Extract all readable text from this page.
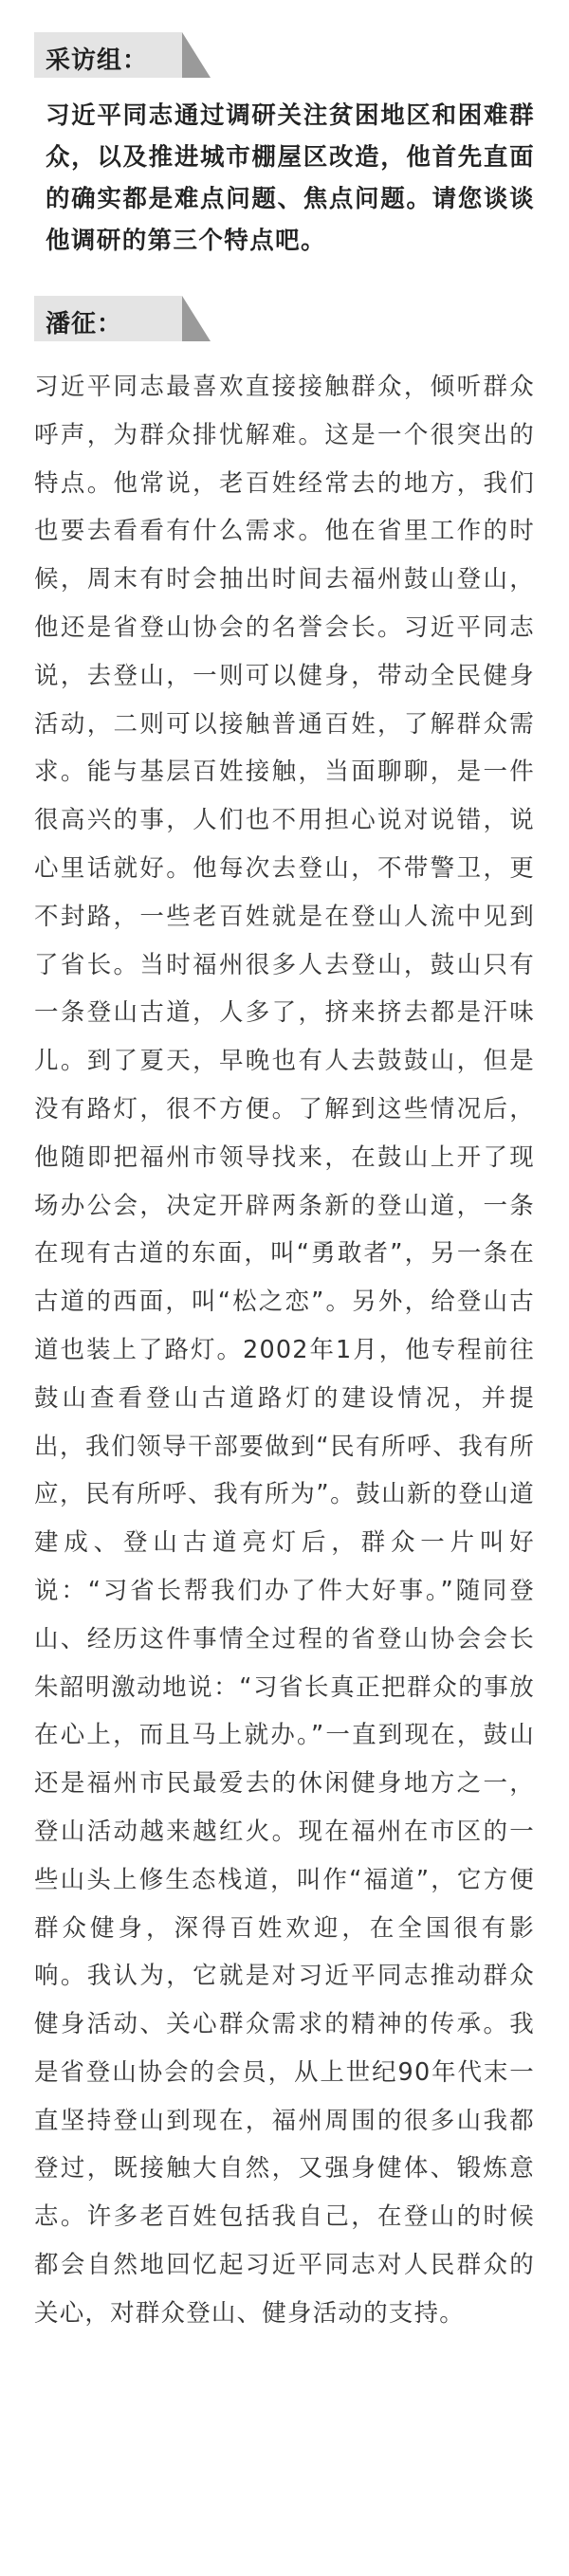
采访组：

习近平同志通过调研关注贫困地区和困难群众，以及推进城市棚屋区改造，他首先直面的确实都是难点问题、焦点问题。请您谈谈他调研的第三个特点吧。

潘征：

习近平同志最喜欢直接接触群众，倾听群众呼声，为群众排忧解难。这是一个很突出的特点。他常说，老百姓经常去的地方，我们也要去看看有什么需求。他在省里工作的时候，周末有时会抽出时间去福州鼓山登山，他还是省登山协会的名誉会长。习近平同志说，去登山，一则可以健身，带动全民健身活动，二则可以接触普通百姓，了解群众需求。能与基层百姓接触，当面聊聊，是一件很高兴的事，人们也不用担心说对说错，说心里话就好。他每次去登山，不带警卫，更不封路，一些老百姓就是在登山人流中见到了省长。当时福州很多人去登山，鼓山只有一条登山古道，人多了，挤来挤去都是汗味儿。到了夏天，早晚也有人去鼓鼓山，但是没有路灯，很不方便。了解到这些情况后，他随即把福州市领导找来，在鼓山上开了现场办公会，决定开辟两条新的登山道，一条在现有古道的东面，叫“勇敢者”，另一条在古道的西面，叫“松之恋”。另外，给登山古道也装上了路灯。2002年1月，他专程前往鼓山查看登山古道路灯的建设情况，并提出，我们领导干部要做到“民有所呼、我有所应，民有所呼、我有所为”。鼓山新的登山道建成、登山古道亮灯后，群众一片叫好说：“习省长帮我们办了件大好事。”随同登山、经历这件事情全过程的省登山协会会长朱韶明激动地说：“习省长真正把群众的事放在心上，而且马上就办。”一直到现在，鼓山还是福州市民最爱去的休闲健身地方之一，登山活动越来越红火。现在福州在市区的一些山头上修生态栈道，叫作“福道”，它方便群众健身，深得百姓欢迎，在全国很有影响。我认为，它就是对习近平同志推动群众健身活动、关心群众需求的精神的传承。我是省登山协会的会员，从上世纪90年代末一直坚持登山到现在，福州周围的很多山我都登过，既接触大自然，又强身健体、锻炼意志。许多老百姓包括我自己，在登山的时候都会自然地回忆起习近平同志对人民群众的关心，对群众登山、健身活动的支持。
